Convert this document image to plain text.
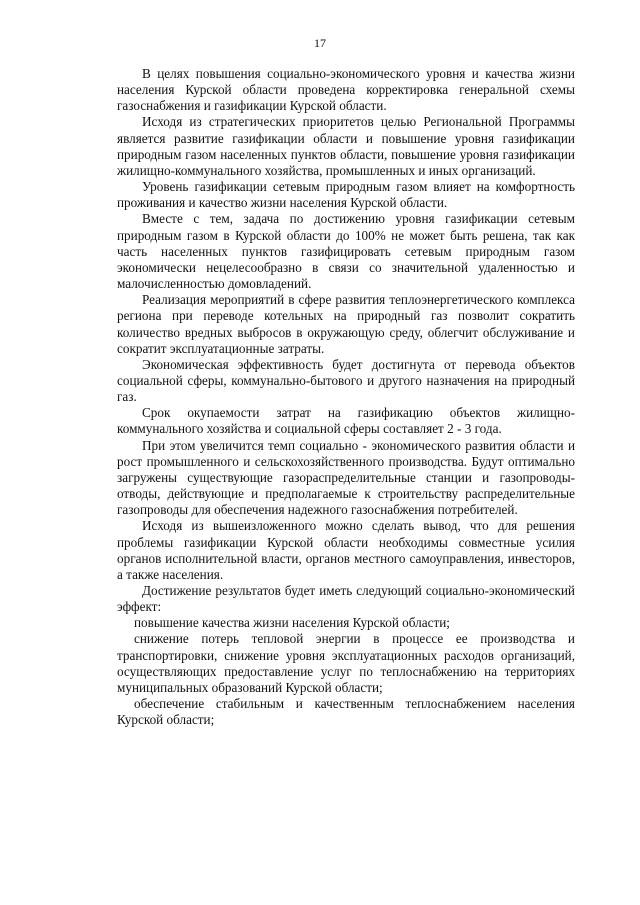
17

В целях повышения социально-экономического уровня и качества жизни населения Курской области проведена корректировка генеральной схемы газоснабжения и газификации Курской области.

Исходя из стратегических приоритетов целью Региональной Программы является развитие газификации области и повышение уровня газификации природным газом населенных пунктов области, повышение уровня газификации жилищно-коммунального хозяйства, промышленных и иных организаций.

Уровень газификации сетевым природным газом влияет на комфортность проживания и качество жизни населения Курской области.

Вместе с тем, задача по достижению уровня газификации сетевым природным газом в Курской области до 100% не может быть решена, так как часть населенных пунктов газифицировать сетевым природным газом экономически нецелесообразно в связи со значительной удаленностью и малочисленностью домовладений.

Реализация мероприятий в сфере развития теплоэнергетического комплекса региона при переводе котельных на природный газ позволит сократить количество вредных выбросов в окружающую среду, облегчит обслуживание и сократит эксплуатационные затраты.

Экономическая эффективность будет достигнута от перевода объектов социальной сферы, коммунально-бытового и другого назначения на природный газ.

Срок окупаемости затрат на газификацию объектов жилищно-коммунального хозяйства и социальной сферы составляет 2 - 3 года.

При этом увеличится темп социально - экономического развития области и рост промышленного и сельскохозяйственного производства. Будут оптимально загружены существующие газораспределительные станции и газопроводы-отводы, действующие и предполагаемые к строительству распределительные газопроводы для обеспечения надежного газоснабжения потребителей.

Исходя из вышеизложенного можно сделать вывод, что для решения проблемы газификации Курской области необходимы совместные усилия органов исполнительной власти, органов местного самоуправления, инвесторов, а также населения.

Достижение результатов будет иметь следующий социально-экономический эффект:

повышение качества жизни населения Курской области;

снижение потерь тепловой энергии в процессе ее производства и транспортировки, снижение уровня эксплуатационных расходов организаций, осуществляющих предоставление услуг по теплоснабжению на территориях муниципальных образований Курской области;

обеспечение стабильным и качественным теплоснабжением населения Курской области;
